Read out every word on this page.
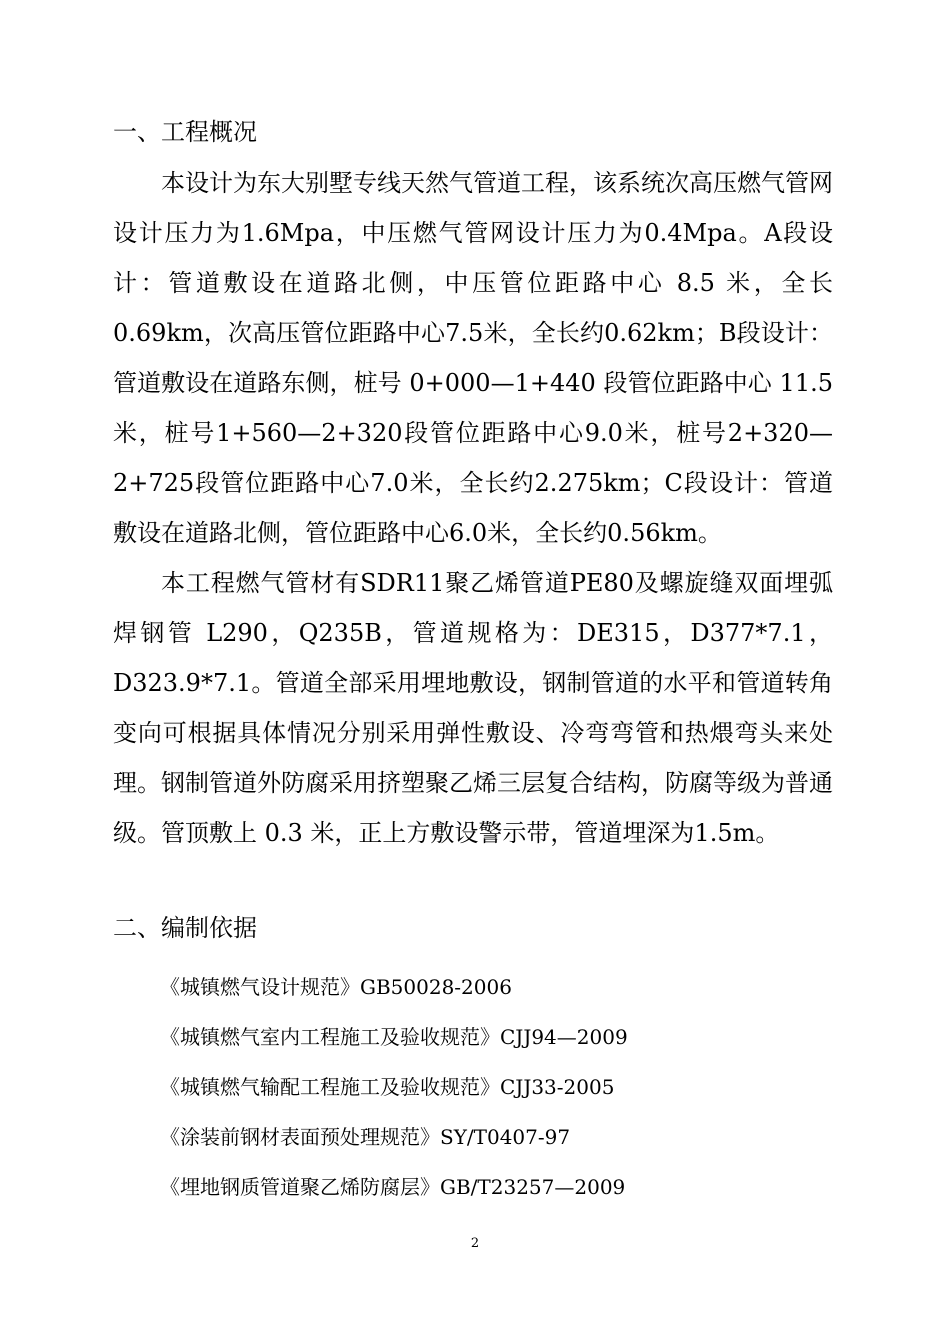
一、工程概况

本设计为东大别墅专线天然气管道工程，该系统次高压燃气管网设计压力为1.6Mpa，中压燃气管网设计压力为0.4Mpa。A段设计：管道敷设在道路北侧，中压管位距路中心 8.5 米，全长0.69km，次高压管位距路中心7.5米，全长约0.62km；B段设计：管道敷设在道路东侧，桩号 0+000—1+440 段管位距路中心 11.5米，桩号1+560—2+320段管位距路中心9.0米，桩号2+320—2+725段管位距路中心7.0米，全长约2.275km；C段设计：管道敷设在道路北侧，管位距路中心6.0米，全长约0.56km。

本工程燃气管材有SDR11聚乙烯管道PE80及螺旋缝双面埋弧焊钢管 L290，Q235B，管道规格为：DE315，D377*7.1，D323.9*7.1。管道全部采用埋地敷设，钢制管道的水平和管道转角变向可根据具体情况分别采用弹性敷设、冷弯弯管和热煨弯头来处理。钢制管道外防腐采用挤塑聚乙烯三层复合结构，防腐等级为普通级。管顶敷上 0.3 米，正上方敷设警示带，管道埋深为1.5m。

二、编制依据
《城镇燃气设计规范》GB50028-2006
《城镇燃气室内工程施工及验收规范》CJJ94—2009
《城镇燃气输配工程施工及验收规范》CJJ33-2005
《涂装前钢材表面预处理规范》SY/T0407-97
《埋地钢质管道聚乙烯防腐层》GB/T23257—2009
2
